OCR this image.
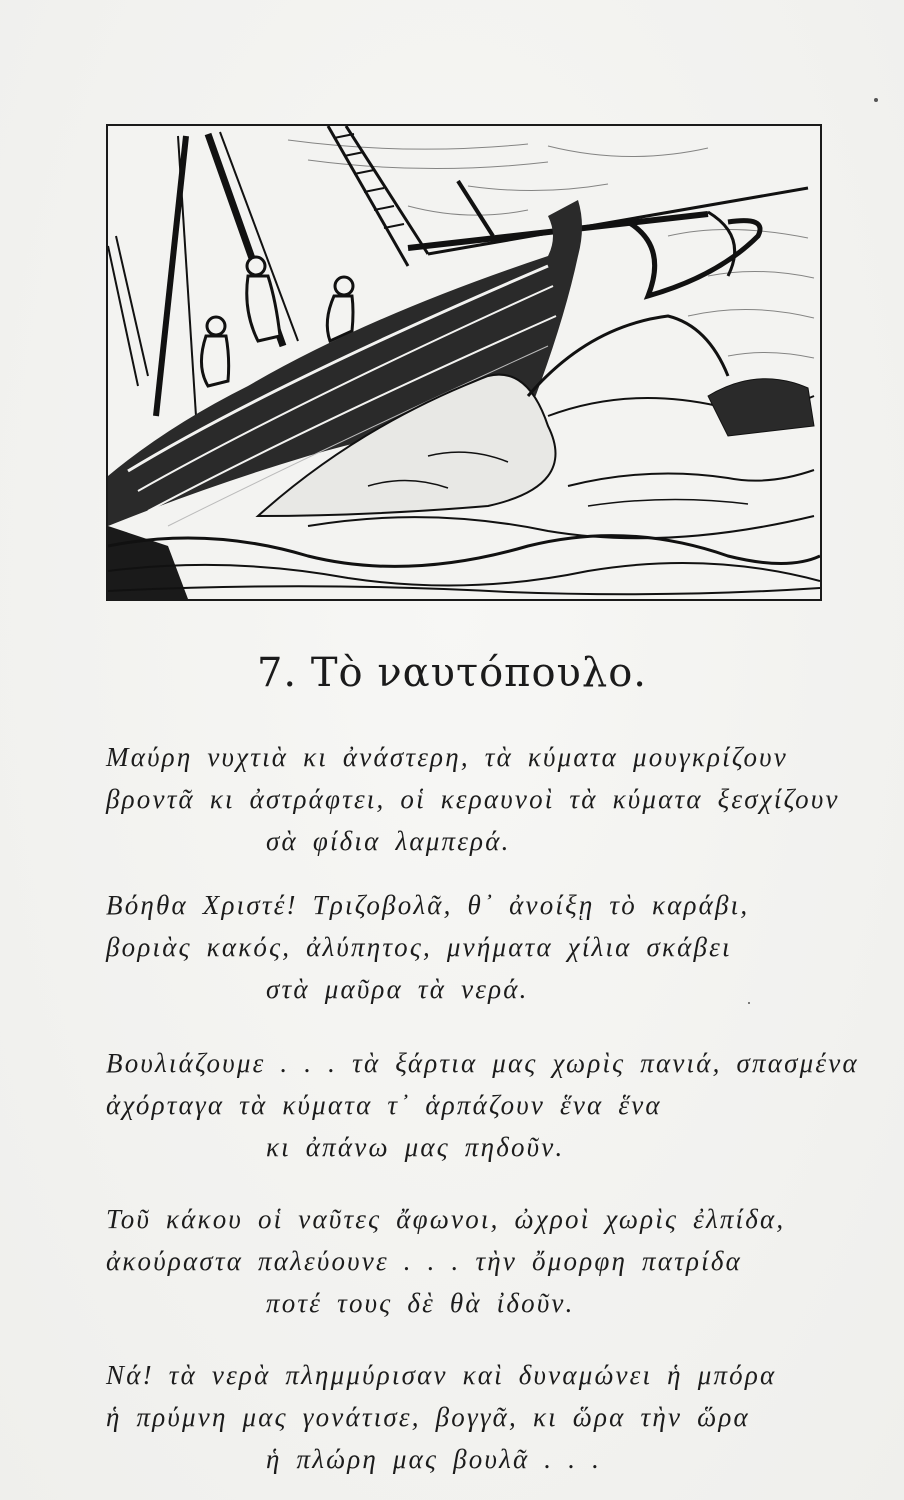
7. Τὸ ναυτόπουλο.
Μαύρη νυχτιὰ κι ἀνάστερη, τὰ κύματα μουγκρίζουν
βροντᾶ κι ἀστράφτει, οἱ κεραυνοὶ τὰ κύματα ξεσχίζουν
σὰ φίδια λαμπερά.
Βόηθα Χριστέ! Τριζοβολᾶ, θ᾽ ἀνοίξῃ τὸ καράβι,
βοριὰς κακός, ἀλύπητος, μνήματα χίλια σκάβει
στὰ μαῦρα τὰ νερά.
Βουλιάζουμε . . . τὰ ξάρτια μας χωρὶς πανιά, σπασμένα
ἀχόρταγα τὰ κύματα τ᾽ ἁρπάζουν ἕνα ἕνα
κι ἀπάνω μας πηδοῦν.
Τοῦ κάκου οἱ ναῦτες ἄφωνοι, ὠχροὶ χωρὶς ἐλπίδα,
ἀκούραστα παλεύουνε . . . τὴν ὄμορφη πατρίδα
ποτέ τους δὲ θὰ ἰδοῦν.
Νά! τὰ νερὰ πλημμύρισαν καὶ δυναμώνει ἡ μπόρα
ἡ πρύμνη μας γονάτισε, βογγᾶ, κι ὥρα τὴν ὥρα
ἡ πλώρη μας βουλᾶ . . .
